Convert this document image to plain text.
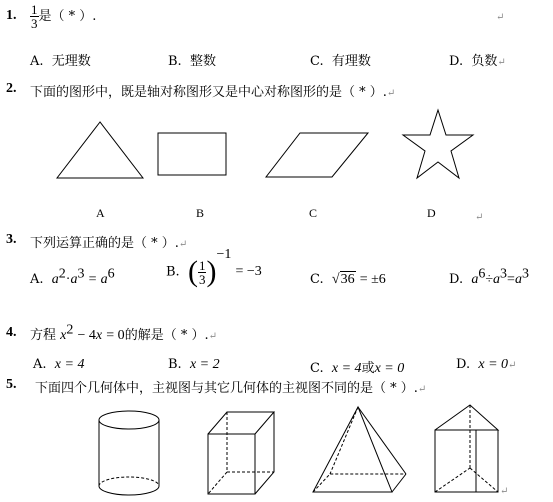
1. $\frac{1}{3}$ 是（ * ）.	↵
A. 无理数	B. 整数	C. 有理数	D. 负数↵
2. 下面的图形中，既是轴对称图形又是中心对称图形的是（ * ）.↵
A	B	C	D	↵
3. 下列运算正确的是（ * ）.↵
A. $a^2\cdot a^3 = a^6$	B. ( $\frac{1}{3} )^{-1} = -3$
C. √36 = ±6	D. $a^6\div a^3=a^3$
4. 方程 $x^2 - 4x = 0$的解是（ * ）.↵
A. x = 4	B. x = 2	C. x = 4或x = 0	D. x = 0↵
5. 下面四个几何体中，主视图与其它几何体的主视图不同的是（ * ）.↵
↵
